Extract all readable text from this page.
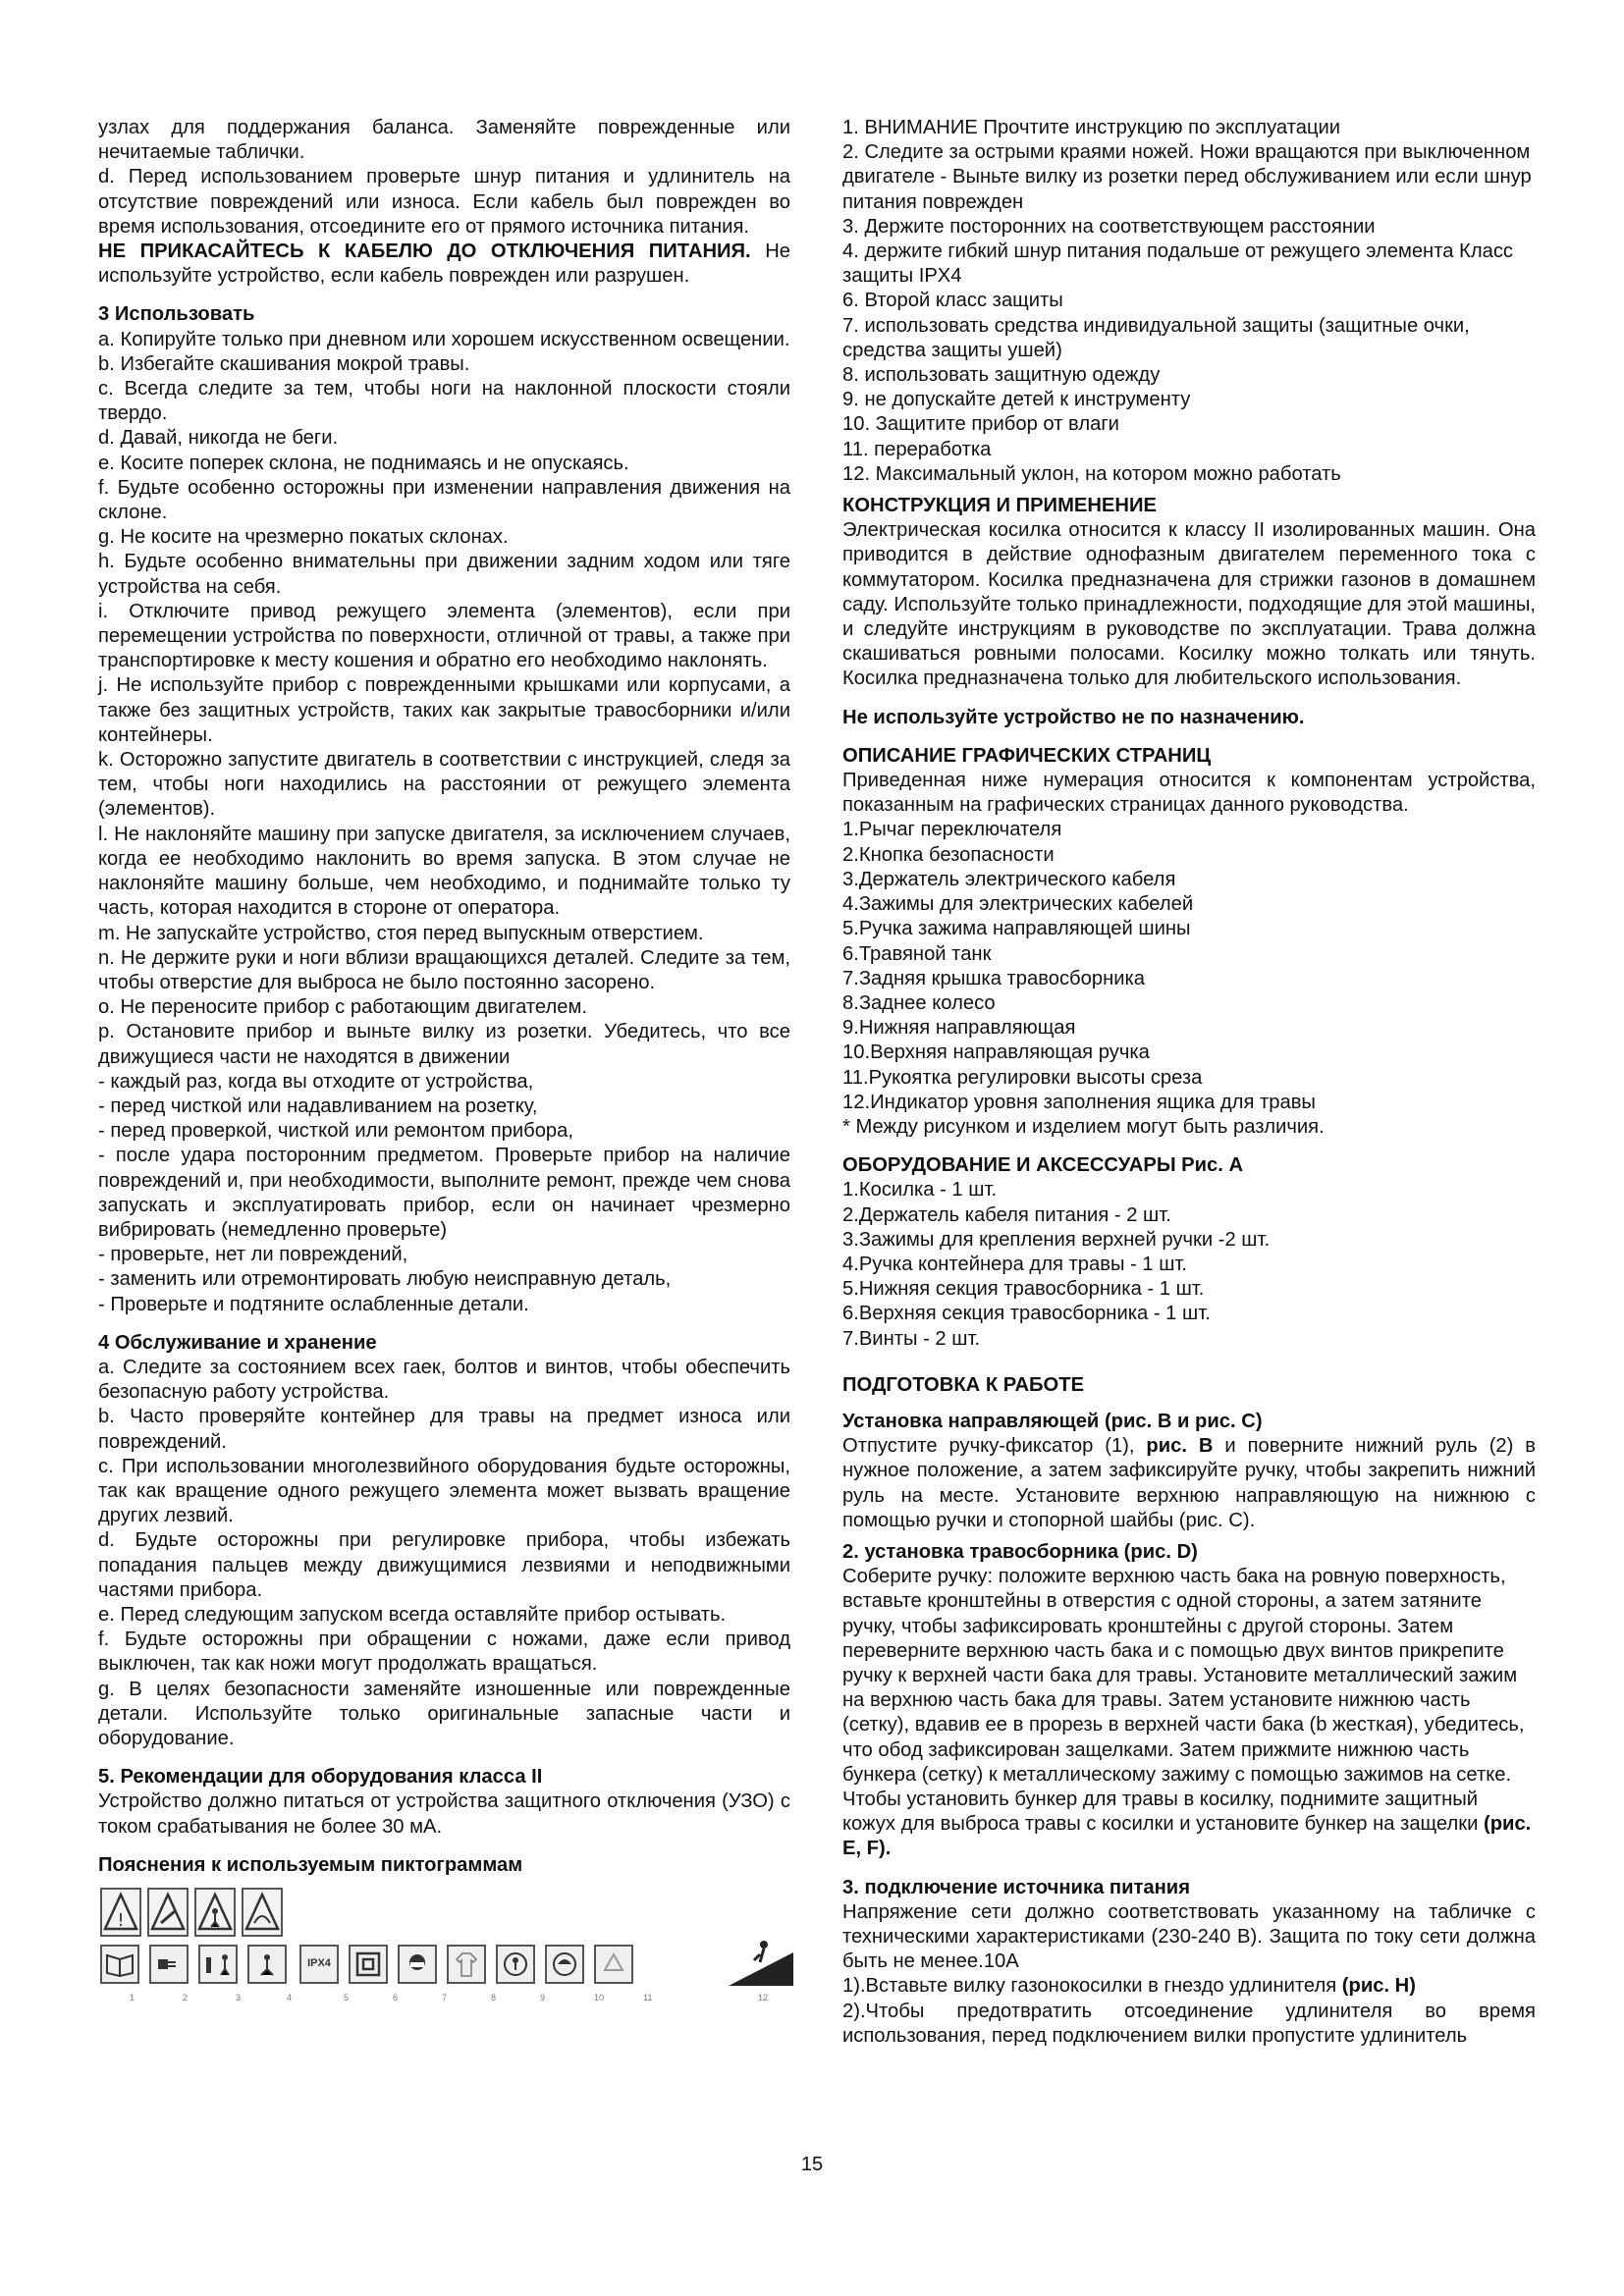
узлах для поддержания баланса. Заменяйте поврежденные или нечитаемые таблички.

d. Перед использованием проверьте шнур питания и удлинитель на отсутствие повреждений или износа. Если кабель был поврежден во время использования, отсоедините его от прямого источника питания.

НЕ ПРИКАСАЙТЕСЬ К КАБЕЛЮ ДО ОТКЛЮЧЕНИЯ ПИТАНИЯ. Не используйте устройство, если кабель поврежден или разрушен.

3 Использовать

a. Копируйте только при дневном или хорошем искусственном освещении.

b. Избегайте скашивания мокрой травы.

c. Всегда следите за тем, чтобы ноги на наклонной плоскости стояли твердо.

d. Давай, никогда не беги.

e. Косите поперек склона, не поднимаясь и не опускаясь.

f. Будьте особенно осторожны при изменении направления движения на склоне.

g. Не косите на чрезмерно покатых склонах.

h. Будьте особенно внимательны при движении задним ходом или тяге устройства на себя.

i. Отключите привод режущего элемента (элементов), если при перемещении устройства по поверхности, отличной от травы, а также при транспортировке к месту кошения и обратно его необходимо наклонять.

j. Не используйте прибор с поврежденными крышками или корпусами, а также без защитных устройств, таких как закрытые травосборники и/или контейнеры.

k. Осторожно запустите двигатель в соответствии с инструкцией, следя за тем, чтобы ноги находились на расстоянии от режущего элемента (элементов).

l. Не наклоняйте машину при запуске двигателя, за исключением случаев, когда ее необходимо наклонить во время запуска. В этом случае не наклоняйте машину больше, чем необходимо, и поднимайте только ту часть, которая находится в стороне от оператора.

m. Не запускайте устройство, стоя перед выпускным отверстием.

n. Не держите руки и ноги вблизи вращающихся деталей. Следите за тем, чтобы отверстие для выброса не было постоянно засорено.

o. Не переносите прибор с работающим двигателем.

p. Остановите прибор и выньте вилку из розетки. Убедитесь, что все движущиеся части не находятся в движении

- каждый раз, когда вы отходите от устройства,

- перед чисткой или надавливанием на розетку,

- перед проверкой, чисткой или ремонтом прибора,

- после удара посторонним предметом. Проверьте прибор на наличие повреждений и, при необходимости, выполните ремонт, прежде чем снова запускать и эксплуатировать прибор, если он начинает чрезмерно вибрировать (немедленно проверьте)

- проверьте, нет ли повреждений,

- заменить или отремонтировать любую неисправную деталь,

- Проверьте и подтяните ослабленные детали.

4 Обслуживание и хранение

a. Следите за состоянием всех гаек, болтов и винтов, чтобы обеспечить безопасную работу устройства.

b. Часто проверяйте контейнер для травы на предмет износа или повреждений.

c. При использовании многолезвийного оборудования будьте осторожны, так как вращение одного режущего элемента может вызвать вращение других лезвий.

d. Будьте осторожны при регулировке прибора, чтобы избежать попадания пальцев между движущимися лезвиями и неподвижными частями прибора.

e. Перед следующим запуском всегда оставляйте прибор остывать.

f. Будьте осторожны при обращении с ножами, даже если привод выключен, так как ножи могут продолжать вращаться.

g. В целях безопасности заменяйте изношенные или поврежденные детали. Используйте только оригинальные запасные части и оборудование.

5. Рекомендации для оборудования класса II

Устройство должно питаться от устройства защитного отключения (УЗО) с током срабатывания не более 30 мА.

Пояснения к используемым пиктограммам

!
IPX4
1	2	3	4	5	6	7	8	9	10	11	12

1. ВНИМАНИЕ Прочтите инструкцию по эксплуатации

2. Следите за острыми краями ножей. Ножи вращаются при выключенном двигателе - Выньте вилку из розетки перед обслуживанием или если шнур питания поврежден

3. Держите посторонних на соответствующем расстоянии

4. держите гибкий шнур питания подальше от режущего элемента Класс защиты IPX4

6. Второй класс защиты

7. использовать средства индивидуальной защиты (защитные очки, средства защиты ушей)

8. использовать защитную одежду

9. не допускайте детей к инструменту

10. Защитите прибор от влаги

11. переработка

12. Максимальный уклон, на котором можно работать

КОНСТРУКЦИЯ И ПРИМЕНЕНИЕ

Электрическая косилка относится к классу II изолированных машин. Она приводится в действие однофазным двигателем переменного тока с коммутатором. Косилка предназначена для стрижки газонов в домашнем саду. Используйте только принадлежности, подходящие для этой машины, и следуйте инструкциям в руководстве по эксплуатации. Трава должна скашиваться ровными полосами. Косилку можно толкать или тянуть. Косилка предназначена только для любительского использования.

Не используйте устройство не по назначению.

ОПИСАНИЕ ГРАФИЧЕСКИХ СТРАНИЦ

Приведенная ниже нумерация относится к компонентам устройства, показанным на графических страницах данного руководства.

1.Рычаг переключателя

2.Кнопка безопасности

3.Держатель электрического кабеля

4.Зажимы для электрических кабелей

5.Ручка зажима направляющей шины

6.Травяной танк

7.Задняя крышка травосборника

8.Заднее колесо

9.Нижняя направляющая

10.Верхняя направляющая ручка

11.Рукоятка регулировки высоты среза

12.Индикатор уровня заполнения ящика для травы

* Между рисунком и изделием могут быть различия.

ОБОРУДОВАНИЕ И АКСЕССУАРЫ Рис. А

1.Косилка - 1 шт.

2.Держатель кабеля питания - 2 шт.

3.Зажимы для крепления верхней ручки -2 шт.

4.Ручка контейнера для травы - 1 шт.

5.Нижняя секция травосборника - 1 шт.

6.Верхняя секция травосборника - 1 шт.

7.Винты - 2 шт.

ПОДГОТОВКА К РАБОТЕ

Установка направляющей (рис. B и рис. C)

Отпустите ручку-фиксатор (1), рис. B и поверните нижний руль (2) в нужное положение, а затем зафиксируйте ручку, чтобы закрепить нижний руль на месте. Установите верхнюю направляющую на нижнюю с помощью ручки и стопорной шайбы (рис. C).

2. установка травосборника (рис. D)

Соберите ручку: положите верхнюю часть бака на ровную поверхность, вставьте кронштейны в отверстия с одной стороны, а затем затяните ручку, чтобы зафиксировать кронштейны с другой стороны. Затем переверните верхнюю часть бака и с помощью двух винтов прикрепите ручку к верхней части бака для травы. Установите металлический зажим на верхнюю часть бака для травы. Затем установите нижнюю часть (сетку), вдавив ее в прорезь в верхней части бака (b жесткая), убедитесь, что обод зафиксирован защелками. Затем прижмите нижнюю часть бункера (сетку) к металлическому зажиму с помощью зажимов на сетке. Чтобы установить бункер для травы в косилку, поднимите защитный кожух для выброса травы с косилки и установите бункер на защелки (рис. E, F).

3. подключение источника питания

Напряжение сети должно соответствовать указанному на табличке с техническими характеристиками (230-240 В). Защита по току сети должна быть не менее.10А

1).Вставьте вилку газонокосилки в гнездо удлинителя (рис. H)

2).Чтобы предотвратить отсоединение удлинителя во время использования, перед подключением вилки пропустите удлинитель

15
